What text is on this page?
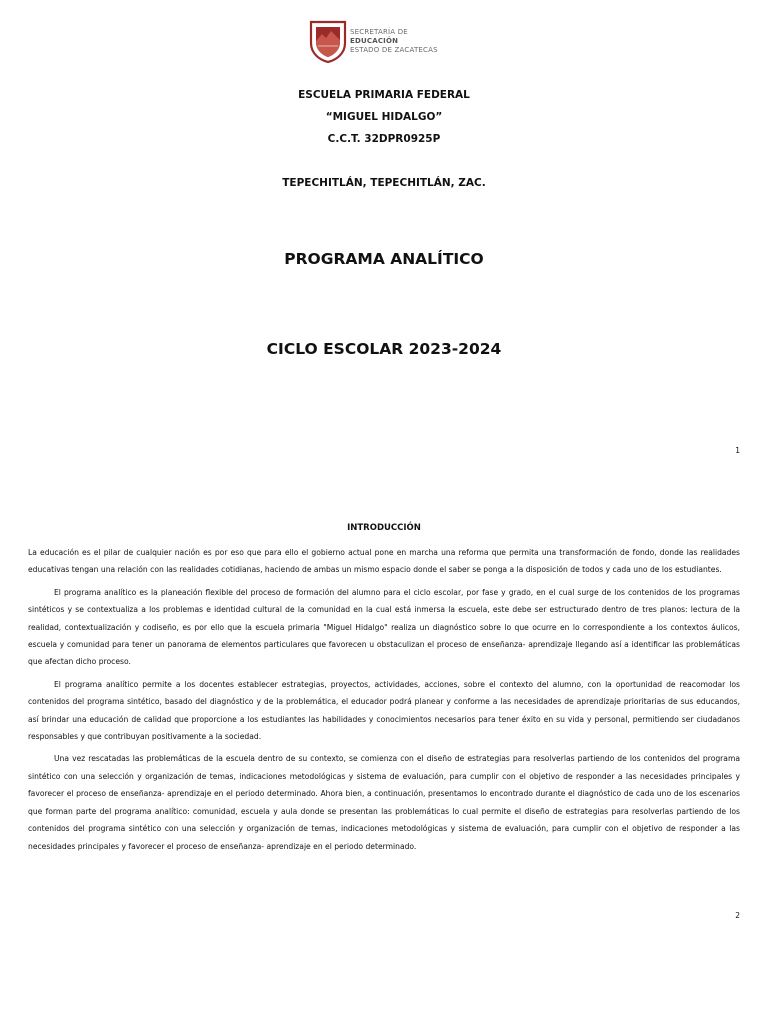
SECRETARÍA DE
EDUCACIÓN
ESTADO DE ZACATECAS
ESCUELA PRIMARIA FEDERAL
“MIGUEL HIDALGO”
C.C.T. 32DPR0925P
TEPECHITLÁN, TEPECHITLÁN, ZAC.
PROGRAMA ANALÍTICO
CICLO ESCOLAR 2023-2024
1
INTRODUCCIÓN

La educación es el pilar de cualquier nación es por eso que para ello el gobierno actual pone en marcha una reforma que permita una transformación de fondo, donde las realidades educativas tengan una relación con las realidades cotidianas, haciendo de ambas un mismo espacio donde el saber se ponga a la disposición de todos y cada uno de los estudiantes.

El programa analítico es la planeación flexible del proceso de formación del alumno para el ciclo escolar, por fase y grado, en el cual surge de los contenidos de los programas sintéticos y se contextualiza a los problemas e identidad cultural de la comunidad en la cual está inmersa la escuela, este debe ser estructurado dentro de tres planos: lectura de la realidad, contextualización y codiseño, es por ello que la escuela primaria "Miguel Hidalgo" realiza un diagnóstico sobre lo que ocurre en lo correspondiente a los contextos áulicos, escuela y comunidad para tener un panorama de elementos particulares que favorecen u obstaculizan el proceso de enseñanza- aprendizaje llegando así a identificar las problemáticas que afectan dicho proceso.

El programa analítico permite a los docentes establecer estrategias, proyectos, actividades, acciones, sobre el contexto del alumno, con la oportunidad de reacomodar los contenidos del programa sintético, basado del diagnóstico y de la problemática, el educador podrá planear y conforme a las necesidades de aprendizaje prioritarias de sus educandos, así brindar una educación de calidad que proporcione a los estudiantes las habilidades y conocimientos necesarios para tener éxito en su vida y personal, permitiendo ser ciudadanos responsables y que contribuyan positivamente a la sociedad.

Una vez rescatadas las problemáticas de la escuela dentro de su contexto, se comienza con el diseño de estrategias para resolverlas partiendo de los contenidos del programa sintético con una selección y organización de temas, indicaciones metodológicas y sistema de evaluación, para cumplir con el objetivo de responder a las necesidades principales y favorecer el proceso de enseñanza- aprendizaje en el periodo determinado. Ahora bien, a continuación, presentamos lo encontrado durante el diagnóstico de cada uno de los escenarios que forman parte del programa analítico: comunidad, escuela y aula donde se presentan las problemáticas lo cual permite el diseño de estrategias para resolverlas partiendo de los contenidos del programa sintético con una selección y organización de temas, indicaciones metodológicas y sistema de evaluación, para cumplir con el objetivo de responder a las necesidades principales y favorecer el proceso de enseñanza- aprendizaje en el periodo determinado.

2
